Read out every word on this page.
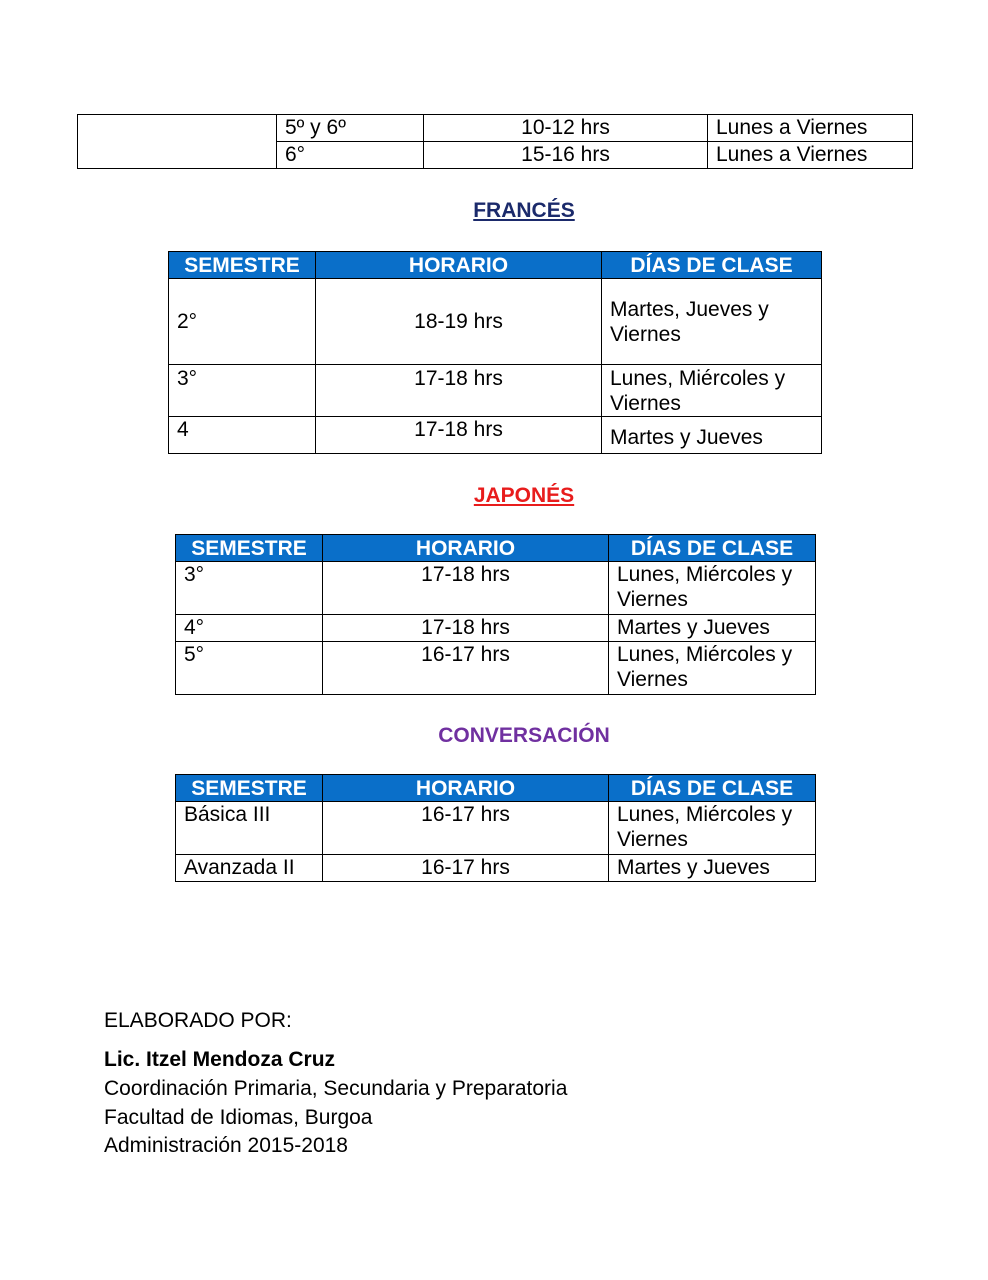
	5º y 6º	10-12 hrs	Lunes a Viernes
	6°	15-16 hrs	Lunes a Viernes
FRANCÉS
SEMESTRE	HORARIO	DÍAS DE CLASE
2°	18-19 hrs	Martes, Jueves y
Viernes

3°	17-18 hrs	Lunes, Miércoles y
Viernes

4	17-18 hrs	Martes y Jueves
JAPONÉS
SEMESTRE	HORARIO	DÍAS DE CLASE
3°	17-18 hrs	Lunes, Miércoles y
Viernes

4°	17-18 hrs	Martes y Jueves
5°	16-17 hrs	Lunes, Miércoles y
Viernes
CONVERSACIÓN
SEMESTRE	HORARIO	DÍAS DE CLASE
Básica III	16-17 hrs	Lunes, Miércoles y
Viernes

Avanzada II	16-17 hrs	Martes y Jueves
ELABORADO POR:
Lic. Itzel Mendoza Cruz
Coordinación Primaria, Secundaria y Preparatoria
Facultad de Idiomas, Burgoa
Administración 2015-2018
